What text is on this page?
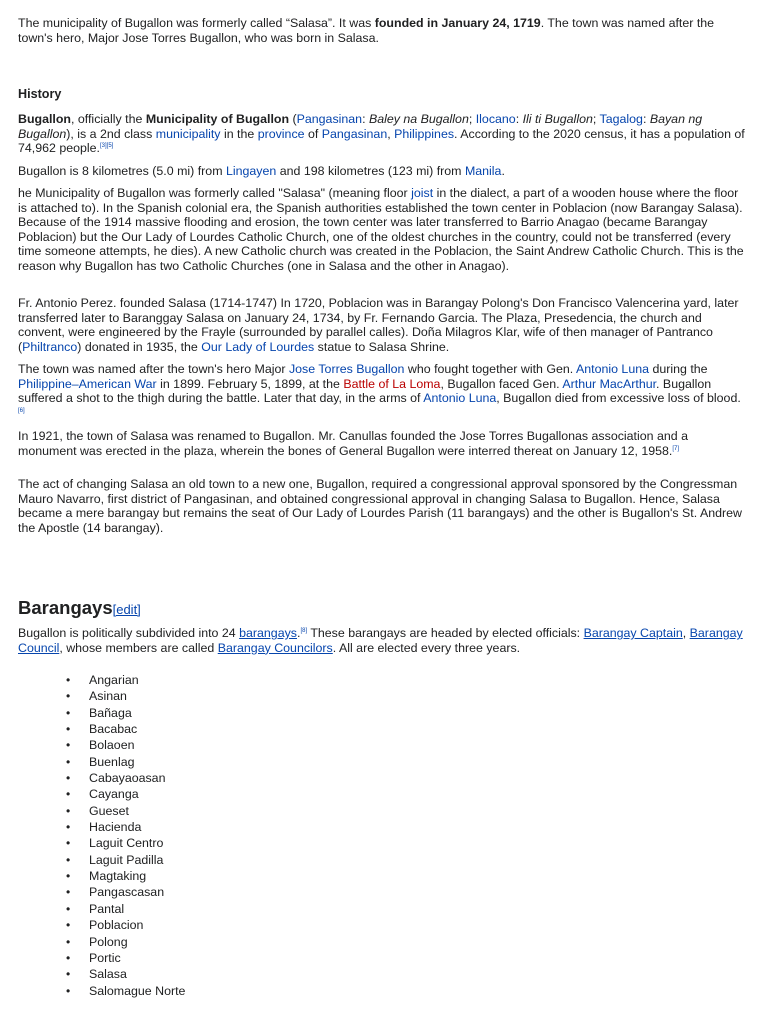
The municipality of Bugallon was formerly called “Salasa”. It was founded in January 24, 1719. The town was named after the town's hero, Major Jose Torres Bugallon, who was born in Salasa.

History

Bugallon, officially the Municipality of Bugallon (Pangasinan: Baley na Bugallon; Ilocano: Ili ti Bugallon; Tagalog: Bayan ng Bugallon), is a 2nd class municipality in the province of Pangasinan, Philippines. According to the 2020 census, it has a population of 74,962 people.[3][5]

Bugallon is 8 kilometres (5.0 mi) from Lingayen and 198 kilometres (123 mi) from Manila.

he Municipality of Bugallon was formerly called "Salasa" (meaning floor joist in the dialect, a part of a wooden house where the floor is attached to). In the Spanish colonial era, the Spanish authorities established the town center in Poblacion (now Barangay Salasa). Because of the 1914 massive flooding and erosion, the town center was later transferred to Barrio Anagao (became Barangay Poblacion) but the Our Lady of Lourdes Catholic Church, one of the oldest churches in the country, could not be transferred (every time someone attempts, he dies). A new Catholic church was created in the Poblacion, the Saint Andrew Catholic Church. This is the reason why Bugallon has two Catholic Churches (one in Salasa and the other in Anagao).

Fr. Antonio Perez. founded Salasa (1714-1747) In 1720, Poblacion was in Barangay Polong's Don Francisco Valencerina yard, later transferred later to Baranggay Salasa on January 24, 1734, by Fr. Fernando Garcia. The Plaza, Presedencia, the church and convent, were engineered by the Frayle (surrounded by parallel calles). Doña Milagros Klar, wife of then manager of Pantranco (Philtranco) donated in 1935, the Our Lady of Lourdes statue to Salasa Shrine.

The town was named after the town's hero Major Jose Torres Bugallon who fought together with Gen. Antonio Luna during the Philippine–American War in 1899. February 5, 1899, at the Battle of La Loma, Bugallon faced Gen. Arthur MacArthur. Bugallon suffered a shot to the thigh during the battle. Later that day, in the arms of Antonio Luna, Bugallon died from excessive loss of blood.[6]

In 1921, the town of Salasa was renamed to Bugallon. Mr. Canullas founded the Jose Torres Bugallonas association and a monument was erected in the plaza, wherein the bones of General Bugallon were interred thereat on January 12, 1958.[7]

The act of changing Salasa an old town to a new one, Bugallon, required a congressional approval sponsored by the Congressman Mauro Navarro, first district of Pangasinan, and obtained congressional approval in changing Salasa to Bugallon. Hence, Salasa became a mere barangay but remains the seat of Our Lady of Lourdes Parish (11 barangays) and the other is Bugallon's St. Andrew the Apostle (14 barangay).

Barangays[edit]

Bugallon is politically subdivided into 24 barangays.[8] These barangays are headed by elected officials: Barangay Captain, Barangay Council, whose members are called Barangay Councilors. All are elected every three years.

• Angarian
• Asinan
• Bañaga
• Bacabac
• Bolaoen
• Buenlag
• Cabayaoasan
• Cayanga
• Gueset
• Hacienda
• Laguit Centro
• Laguit Padilla
• Magtaking
• Pangascasan
• Pantal
• Poblacion
• Polong
• Portic
• Salasa
• Salomague Norte
